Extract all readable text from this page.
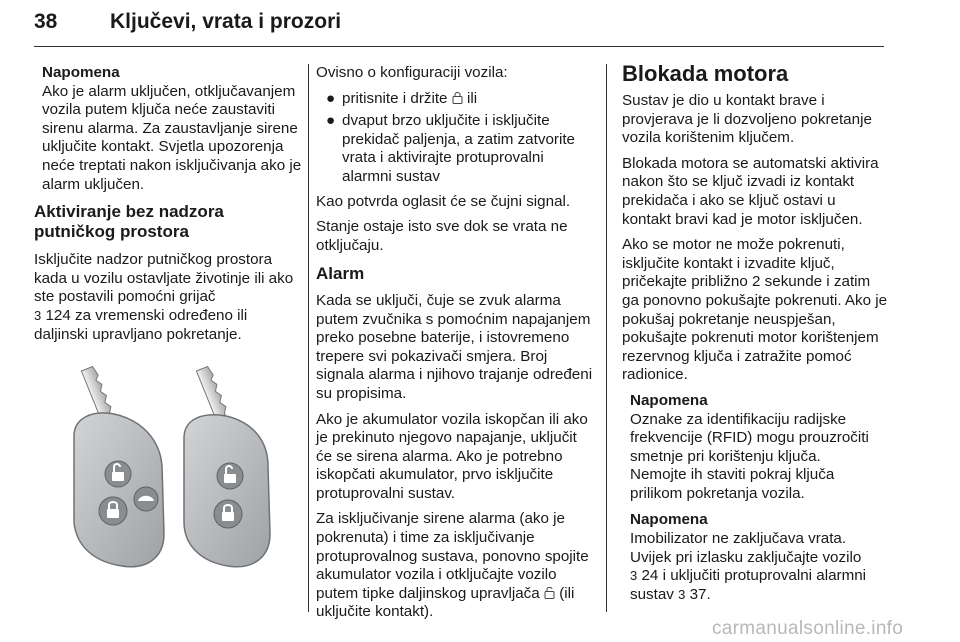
38	Ključevi, vrata i prozori
Napomena
Ako je alarm uključen, otključavanjem vozila putem ključa neće zaustaviti sirenu alarma. Za zaustavljanje sirene uključite kontakt. Svjetla upozorenja neće treptati nakon isključivanja ako je alarm uključen.
Aktiviranje bez nadzora putničkog prostora

Isključite nadzor putničkog prostora kada u vozilu ostavljate životinje ili ako ste postavili pomoćni grijač
3 124 za vremenski određeno ili daljinski upravljano pokretanje.

Ovisno o konfiguraciji vozila:

● pritisnite i držite ili
● dvaput brzo uključite i isključite prekidač paljenja, a zatim zatvorite vrata i aktivirajte protuprovalni alarmni sustav

Kao potvrda oglasit će se čujni signal.

Stanje ostaje isto sve dok se vrata ne otključaju.

Alarm

Kada se uključi, čuje se zvuk alarma putem zvučnika s pomoćnim napajanjem preko posebne baterije, i istovremeno trepere svi pokazivači smjera. Broj signala alarma i njihovo trajanje određeni su propisima.

Ako je akumulator vozila iskopčan ili ako je prekinuto njegovo napajanje, uključit će se sirena alarma. Ako je potrebno iskopčati akumulator, prvo isključite protuprovalni sustav.

Za isključivanje sirene alarma (ako je pokrenuta) i time za isključivanje protuprovalnog sustava, ponovno spojite akumulator vozila i otključajte vozilo putem tipke daljinskog upravljača (ili uključite kontakt).

Blokada motora

Sustav je dio u kontakt brave i provjerava je li dozvoljeno pokretanje vozila korištenim ključem.

Blokada motora se automatski aktivira nakon što se ključ izvadi iz kontakt prekidača i ako se ključ ostavi u kontakt bravi kad je motor isključen.

Ako se motor ne može pokrenuti, isključite kontakt i izvadite ključ, pričekajte približno 2 sekunde i zatim ga ponovno pokušajte pokrenuti. Ako je pokušaj pokretanje neuspješan, pokušajte pokrenuti motor korištenjem rezervnog ključa i zatražite pomoć radionice.

Napomena
Oznake za identifikaciju radijske frekvencije (RFID) mogu prouzročiti smetnje pri korištenju ključa.
Nemojte ih staviti pokraj ključa prilikom pokretanja vozila.
Napomena
Imobilizator ne zaključava vrata. Uvijek pri izlasku zaključajte vozilo
3 24 i uključiti protuprovalni alarmni sustav 3 37.
carmanualsonline.info
